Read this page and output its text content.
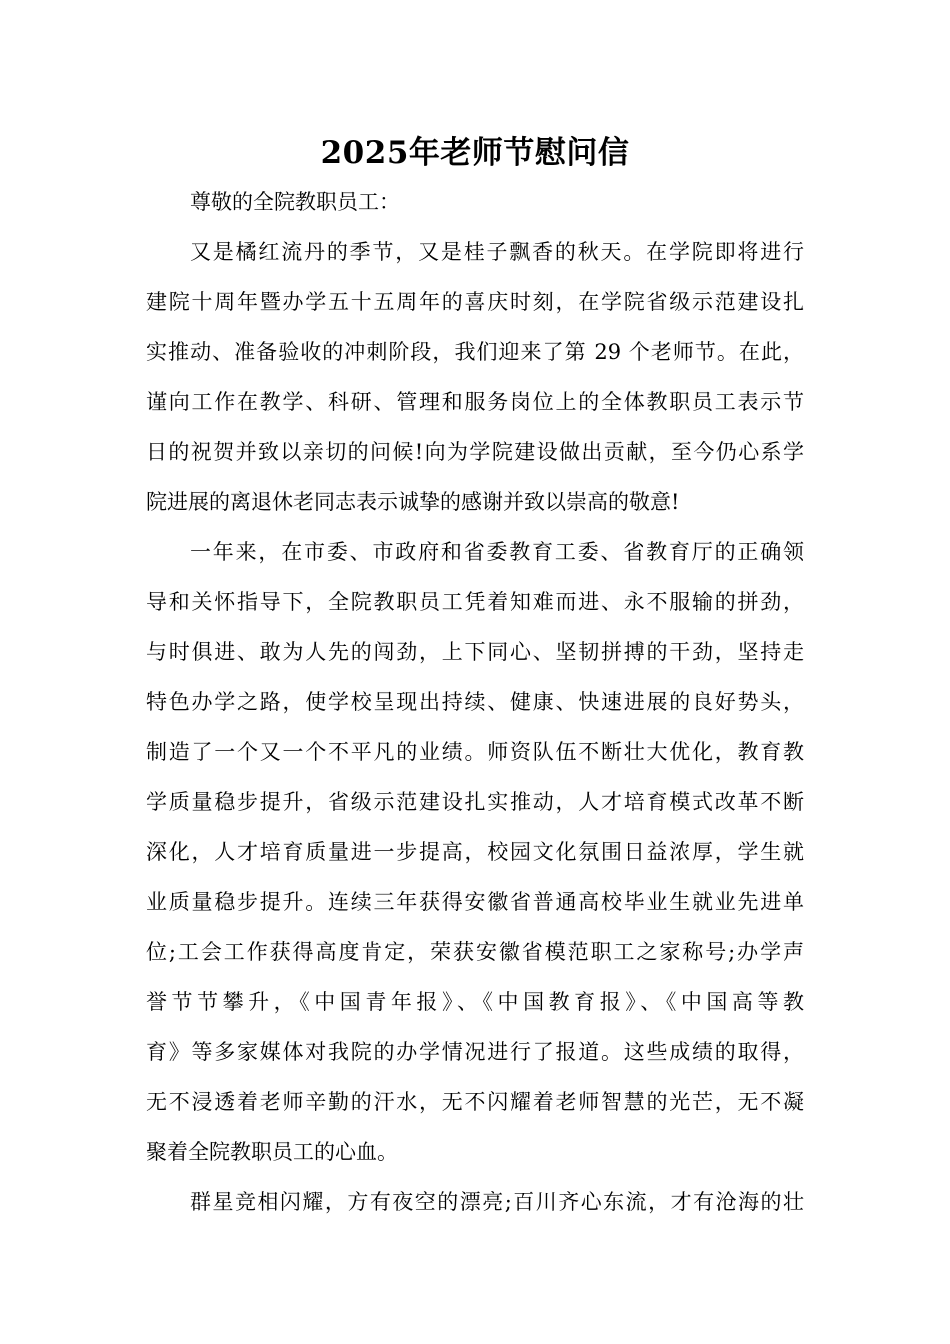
2025年老师节慰问信

尊敬的全院教职员工：

又是橘红流丹的季节，又是桂子飘香的秋天。在学院即将进行
建院十周年暨办学五十五周年的喜庆时刻，在学院省级示范建设扎
实推动、准备验收的冲刺阶段，我们迎来了第 29 个老师节。在此，
谨向工作在教学、科研、管理和服务岗位上的全体教职员工表示节
日的祝贺并致以亲切的问候!向为学院建设做出贡献，至今仍心系学
院进展的离退休老同志表示诚挚的感谢并致以崇高的敬意!
一年来，在市委、市政府和省委教育工委、省教育厅的正确领
导和关怀指导下，全院教职员工凭着知难而进、永不服输的拼劲，
与时俱进、敢为人先的闯劲，上下同心、坚韧拼搏的干劲，坚持走
特色办学之路，使学校呈现出持续、健康、快速进展的良好势头，
制造了一个又一个不平凡的业绩。师资队伍不断壮大优化，教育教
学质量稳步提升，省级示范建设扎实推动，人才培育模式改革不断
深化，人才培育质量进一步提高，校园文化氛围日益浓厚，学生就
业质量稳步提升。连续三年获得安徽省普通高校毕业生就业先进单
位;工会工作获得高度肯定，荣获安徽省模范职工之家称号;办学声
誉节节攀升，《中国青年报》、《中国教育报》、《中国高等教
育》等多家媒体对我院的办学情况进行了报道。这些成绩的取得，
无不浸透着老师辛勤的汗水，无不闪耀着老师智慧的光芒，无不凝
聚着全院教职员工的心血。
群星竞相闪耀，方有夜空的漂亮;百川齐心东流，才有沧海的壮
